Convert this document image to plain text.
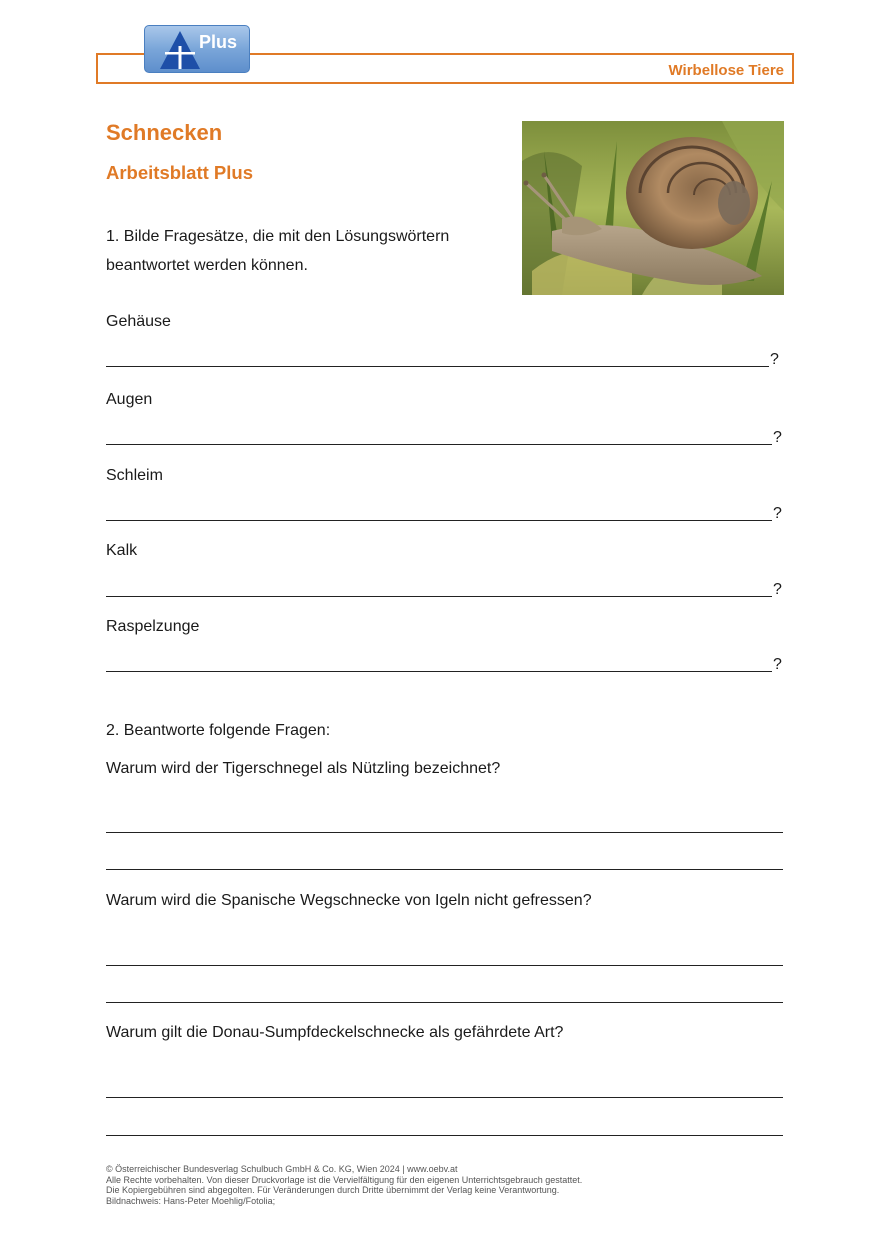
Wirbellose Tiere
Plus
Schnecken
Arbeitsblatt Plus
1. Bilde Fragesätze, die mit den Lösungswörtern
beantwortet werden können.
Gehäuse
?
Augen
?
Schleim
?
Kalk
?
Raspelzunge
?
2. Beantworte folgende Fragen:
Warum wird der Tigerschnegel als Nützling bezeichnet?
Warum wird die Spanische Wegschnecke von Igeln nicht gefressen?
Warum gilt die Donau-Sumpfdeckelschnecke als gefährdete Art?
© Österreichischer Bundesverlag Schulbuch GmbH & Co. KG, Wien 2024 | www.oebv.at
Alle Rechte vorbehalten. Von dieser Druckvorlage ist die Vervielfältigung für den eigenen Unterrichtsgebrauch gestattet.
Die Kopiergebühren sind abgegolten. Für Veränderungen durch Dritte übernimmt der Verlag keine Verantwortung.
Bildnachweis: Hans-Peter Moehlig/Fotolia;
